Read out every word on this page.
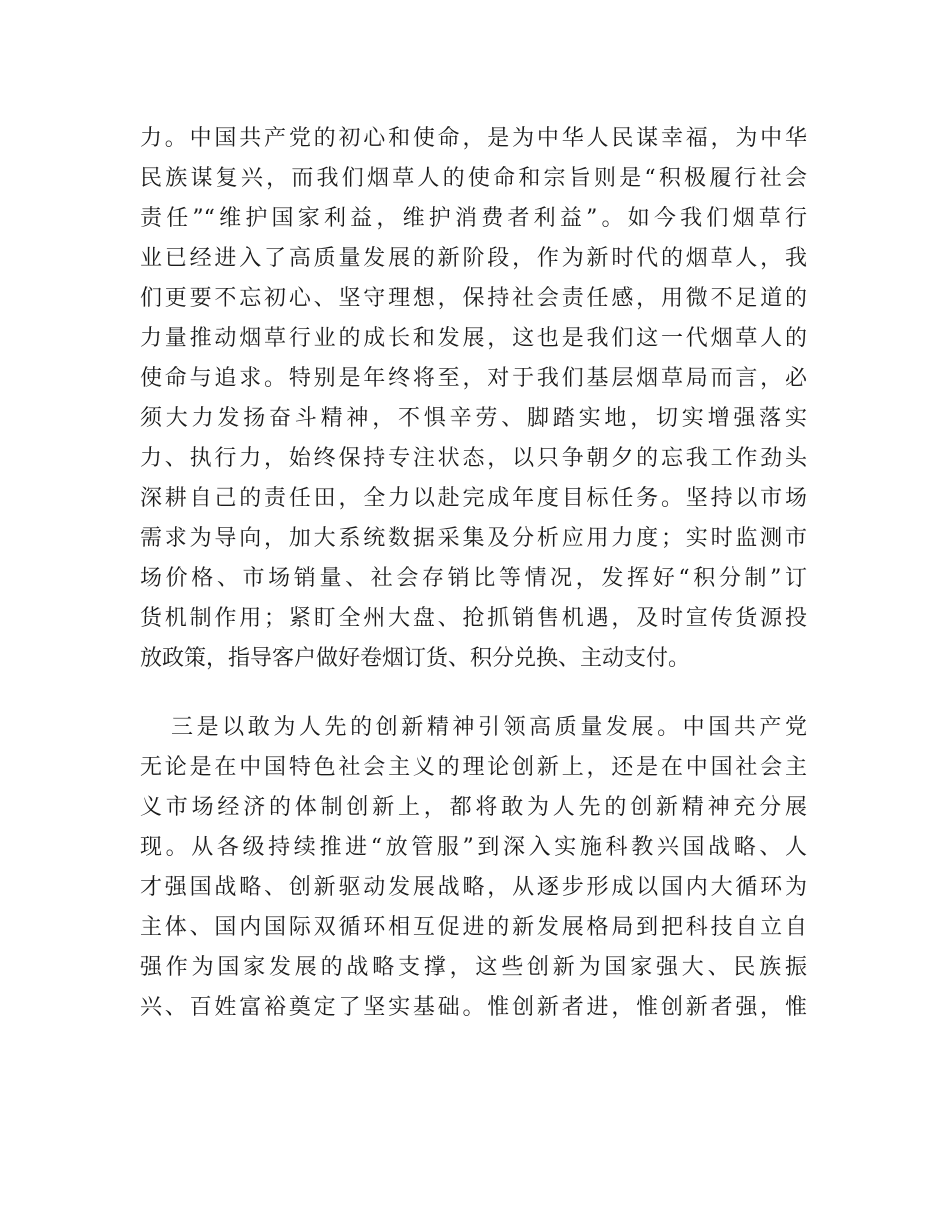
力。中国共产党的初心和使命，是为中华人民谋幸福，为中华
民族谋复兴，而我们烟草人的使命和宗旨则是“积极履行社会
责任”“维护国家利益，维护消费者利益”。如今我们烟草行
业已经进入了高质量发展的新阶段，作为新时代的烟草人，我
们更要不忘初心、坚守理想，保持社会责任感，用微不足道的
力量推动烟草行业的成长和发展，这也是我们这一代烟草人的
使命与追求。特别是年终将至，对于我们基层烟草局而言，必
须大力发扬奋斗精神，不惧辛劳、脚踏实地，切实增强落实
力、执行力，始终保持专注状态，以只争朝夕的忘我工作劲头
深耕自己的责任田，全力以赴完成年度目标任务。坚持以市场
需求为导向，加大系统数据采集及分析应用力度；实时监测市
场价格、市场销量、社会存销比等情况，发挥好“积分制”订
货机制作用；紧盯全州大盘、抢抓销售机遇，及时宣传货源投
放政策，指导客户做好卷烟订货、积分兑换、主动支付。
三是以敢为人先的创新精神引领高质量发展。中国共产党
无论是在中国特色社会主义的理论创新上，还是在中国社会主
义市场经济的体制创新上，都将敢为人先的创新精神充分展
现。从各级持续推进“放管服”到深入实施科教兴国战略、人
才强国战略、创新驱动发展战略，从逐步形成以国内大循环为
主体、国内国际双循环相互促进的新发展格局到把科技自立自
强作为国家发展的战略支撑，这些创新为国家强大、民族振
兴、百姓富裕奠定了坚实基础。惟创新者进，惟创新者强，惟
